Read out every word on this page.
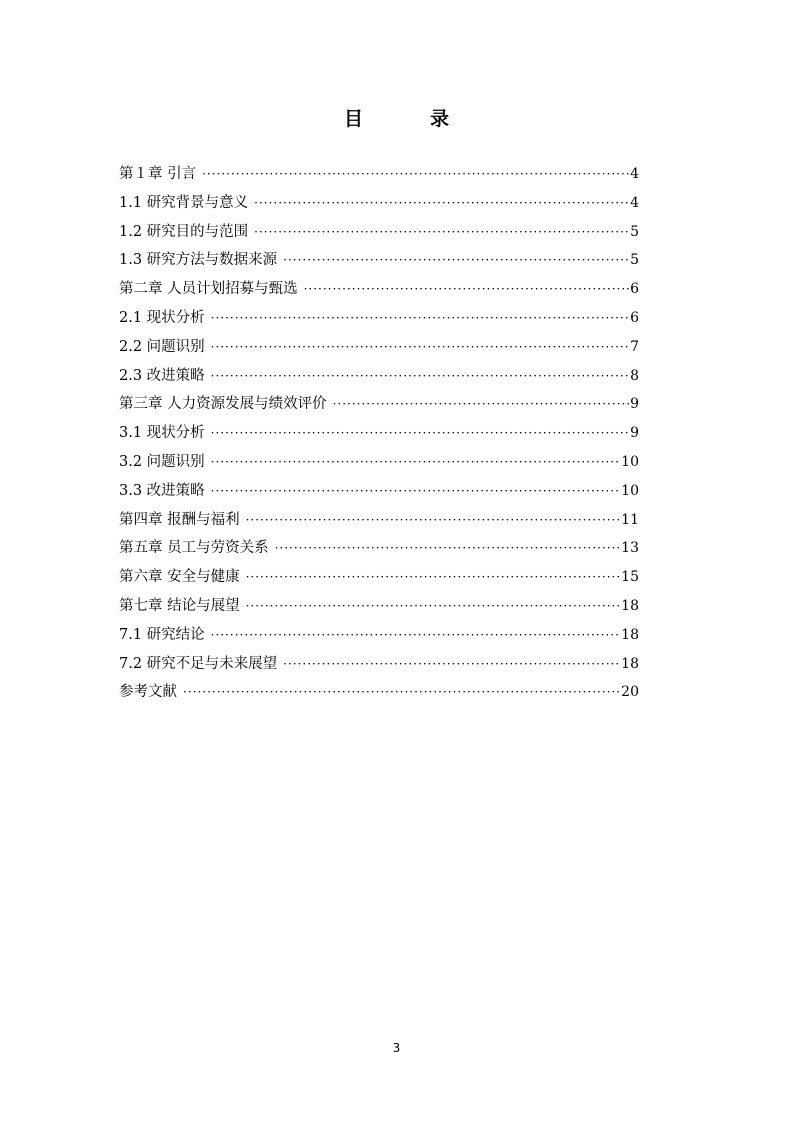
目　录
第１章 引言 ·····	4
1.1 研究背景与意义 ·····	4
1.2 研究目的与范围 ·····	5
1.3 研究方法与数据来源 ·····	5
第二章 人员计划招募与甄选 ·····	6
2.1 现状分析 ·····	6
2.2 问题识别 ·····	7
2.3 改进策略 ·····	8
第三章 人力资源发展与绩效评价 ·····	9
3.1 现状分析 ·····	9
3.2 问题识别 ·····	10
3.3 改进策略 ·····	10
第四章 报酬与福利 ·····	11
第五章 员工与劳资关系 ·····	13
第六章 安全与健康 ·····	15
第七章 结论与展望 ·····	18
7.1 研究结论 ·····	18
7.2 研究不足与未来展望 ·····	18
参考文献 ·····	20
3
